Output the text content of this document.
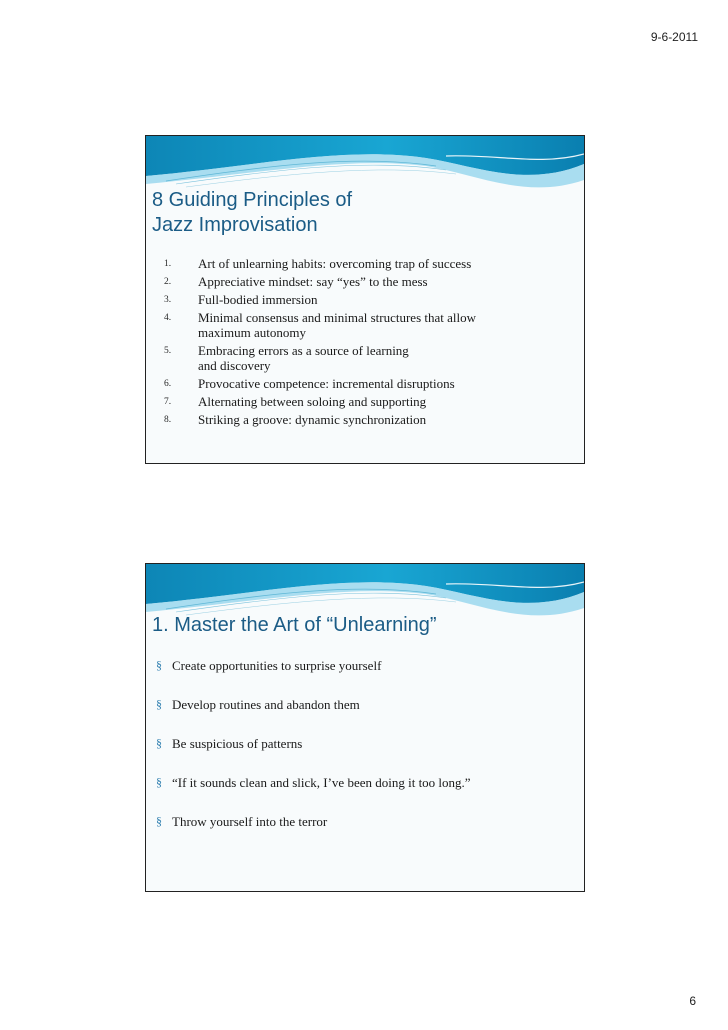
9-6-2011
8 Guiding Principles of
Jazz Improvisation
1. Art of unlearning habits: overcoming trap of success
2. Appreciative mindset: say “yes” to the mess
3. Full-bodied immersion
4. Minimal consensus and minimal structures that allow
maximum autonomy
5. Embracing errors as a source of learning
and discovery
6. Provocative competence: incremental disruptions
7. Alternating between soloing and supporting
8. Striking a groove: dynamic synchronization
1. Master the Art of “Unlearning”
§ Create opportunities to surprise yourself
§ Develop routines and abandon them
§ Be suspicious of patterns
§ “If it sounds clean and slick, I’ve been doing it too long.”
§ Throw yourself into the terror
6
